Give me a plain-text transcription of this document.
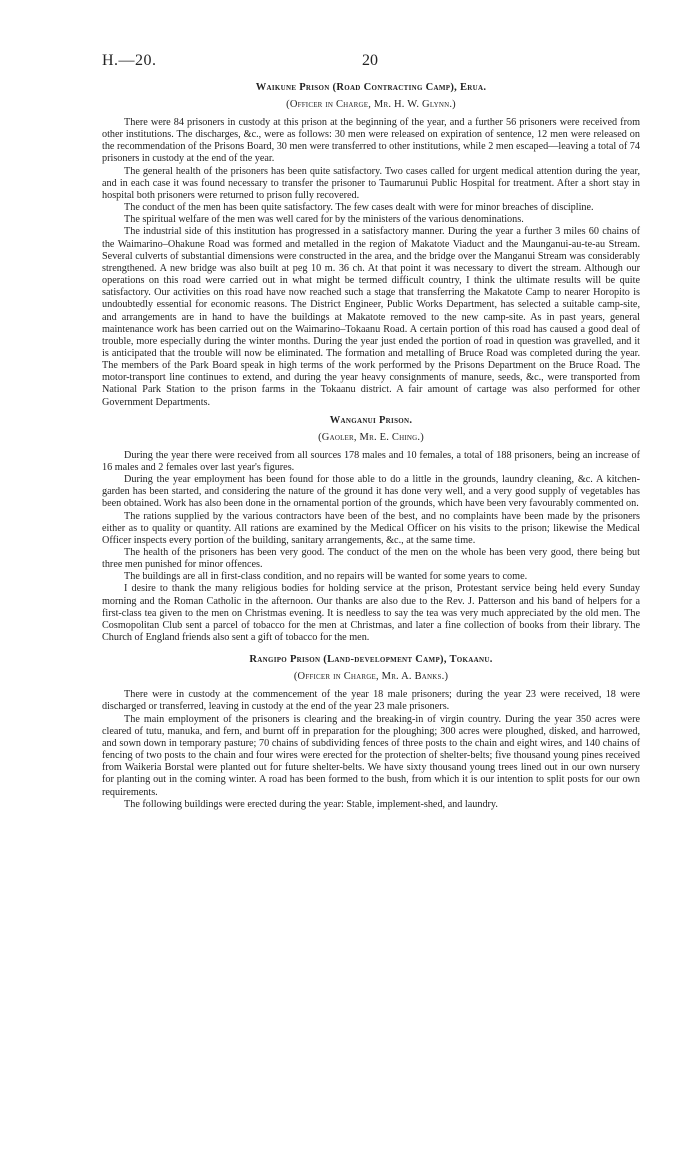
H.—20.	20
Waikune Prison (Road Contracting Camp), Erua.
(Officer in Charge, Mr. H. W. Glynn.)

There were 84 prisoners in custody at this prison at the beginning of the year, and a further 56 prisoners were received from other institutions. The discharges, &c., were as follows: 30 men were released on expiration of sentence, 12 men were released on the recommendation of the Prisons Board, 30 men were transferred to other institutions, while 2 men escaped—leaving a total of 74 prisoners in custody at the end of the year.

The general health of the prisoners has been quite satisfactory. Two cases called for urgent medical attention during the year, and in each case it was found necessary to transfer the prisoner to Taumarunui Public Hospital for treatment. After a short stay in hospital both prisoners were returned to prison fully recovered.

The conduct of the men has been quite satisfactory. The few cases dealt with were for minor breaches of discipline.

The spiritual welfare of the men was well cared for by the ministers of the various denominations.

The industrial side of this institution has progressed in a satisfactory manner. During the year a further 3 miles 60 chains of the Waimarino–Ohakune Road was formed and metalled in the region of Makatote Viaduct and the Maunganui-au-te-au Stream. Several culverts of substantial dimensions were constructed in the area, and the bridge over the Manganui Stream was considerably strengthened. A new bridge was also built at peg 10 m. 36 ch. At that point it was necessary to divert the stream. Although our operations on this road were carried out in what might be termed difficult country, I think the ultimate results will be quite satisfactory. Our activities on this road have now reached such a stage that transferring the Makatote Camp to nearer Horopito is undoubtedly essential for economic reasons. The District Engineer, Public Works Department, has selected a suitable camp-site, and arrangements are in hand to have the buildings at Makatote removed to the new camp-site. As in past years, general maintenance work has been carried out on the Waimarino–Tokaanu Road. A certain portion of this road has caused a good deal of trouble, more especially during the winter months. During the year just ended the portion of road in question was gravelled, and it is anticipated that the trouble will now be eliminated. The formation and metalling of Bruce Road was completed during the year. The members of the Park Board speak in high terms of the work performed by the Prisons Department on the Bruce Road. The motor-transport line continues to extend, and during the year heavy consignments of manure, seeds, &c., were transported from National Park Station to the prison farms in the Tokaanu district. A fair amount of cartage was also performed for other Government Departments.

Wanganui Prison.
(Gaoler, Mr. E. Ching.)

During the year there were received from all sources 178 males and 10 females, a total of 188 prisoners, being an increase of 16 males and 2 females over last year's figures.

During the year employment has been found for those able to do a little in the grounds, laundry cleaning, &c. A kitchen-garden has been started, and considering the nature of the ground it has done very well, and a very good supply of vegetables has been obtained. Work has also been done in the ornamental portion of the grounds, which have been very favourably commented on.

The rations supplied by the various contractors have been of the best, and no complaints have been made by the prisoners either as to quality or quantity. All rations are examined by the Medical Officer on his visits to the prison; likewise the Medical Officer inspects every portion of the building, sanitary arrangements, &c., at the same time.

The health of the prisoners has been very good. The conduct of the men on the whole has been very good, there being but three men punished for minor offences.

The buildings are all in first-class condition, and no repairs will be wanted for some years to come.

I desire to thank the many religious bodies for holding service at the prison, Protestant service being held every Sunday morning and the Roman Catholic in the afternoon. Our thanks are also due to the Rev. J. Patterson and his band of helpers for a first-class tea given to the men on Christmas evening. It is needless to say the tea was very much appreciated by the old men. The Cosmopolitan Club sent a parcel of tobacco for the men at Christmas, and later a fine collection of books from their library. The Church of England friends also sent a gift of tobacco for the men.

Rangipo Prison (Land-development Camp), Tokaanu.
(Officer in Charge, Mr. A. Banks.)

There were in custody at the commencement of the year 18 male prisoners; during the year 23 were received, 18 were discharged or transferred, leaving in custody at the end of the year 23 male prisoners.

The main employment of the prisoners is clearing and the breaking-in of virgin country. During the year 350 acres were cleared of tutu, manuka, and fern, and burnt off in preparation for the ploughing; 300 acres were ploughed, disked, and harrowed, and sown down in temporary pasture; 70 chains of subdividing fences of three posts to the chain and eight wires, and 140 chains of fencing of two posts to the chain and four wires were erected for the protection of shelter-belts; five thousand young pines received from Waikeria Borstal were planted out for future shelter-belts. We have sixty thousand young trees lined out in our own nursery for planting out in the coming winter. A road has been formed to the bush, from which it is our intention to split posts for our own requirements.

The following buildings were erected during the year: Stable, implement-shed, and laundry.
